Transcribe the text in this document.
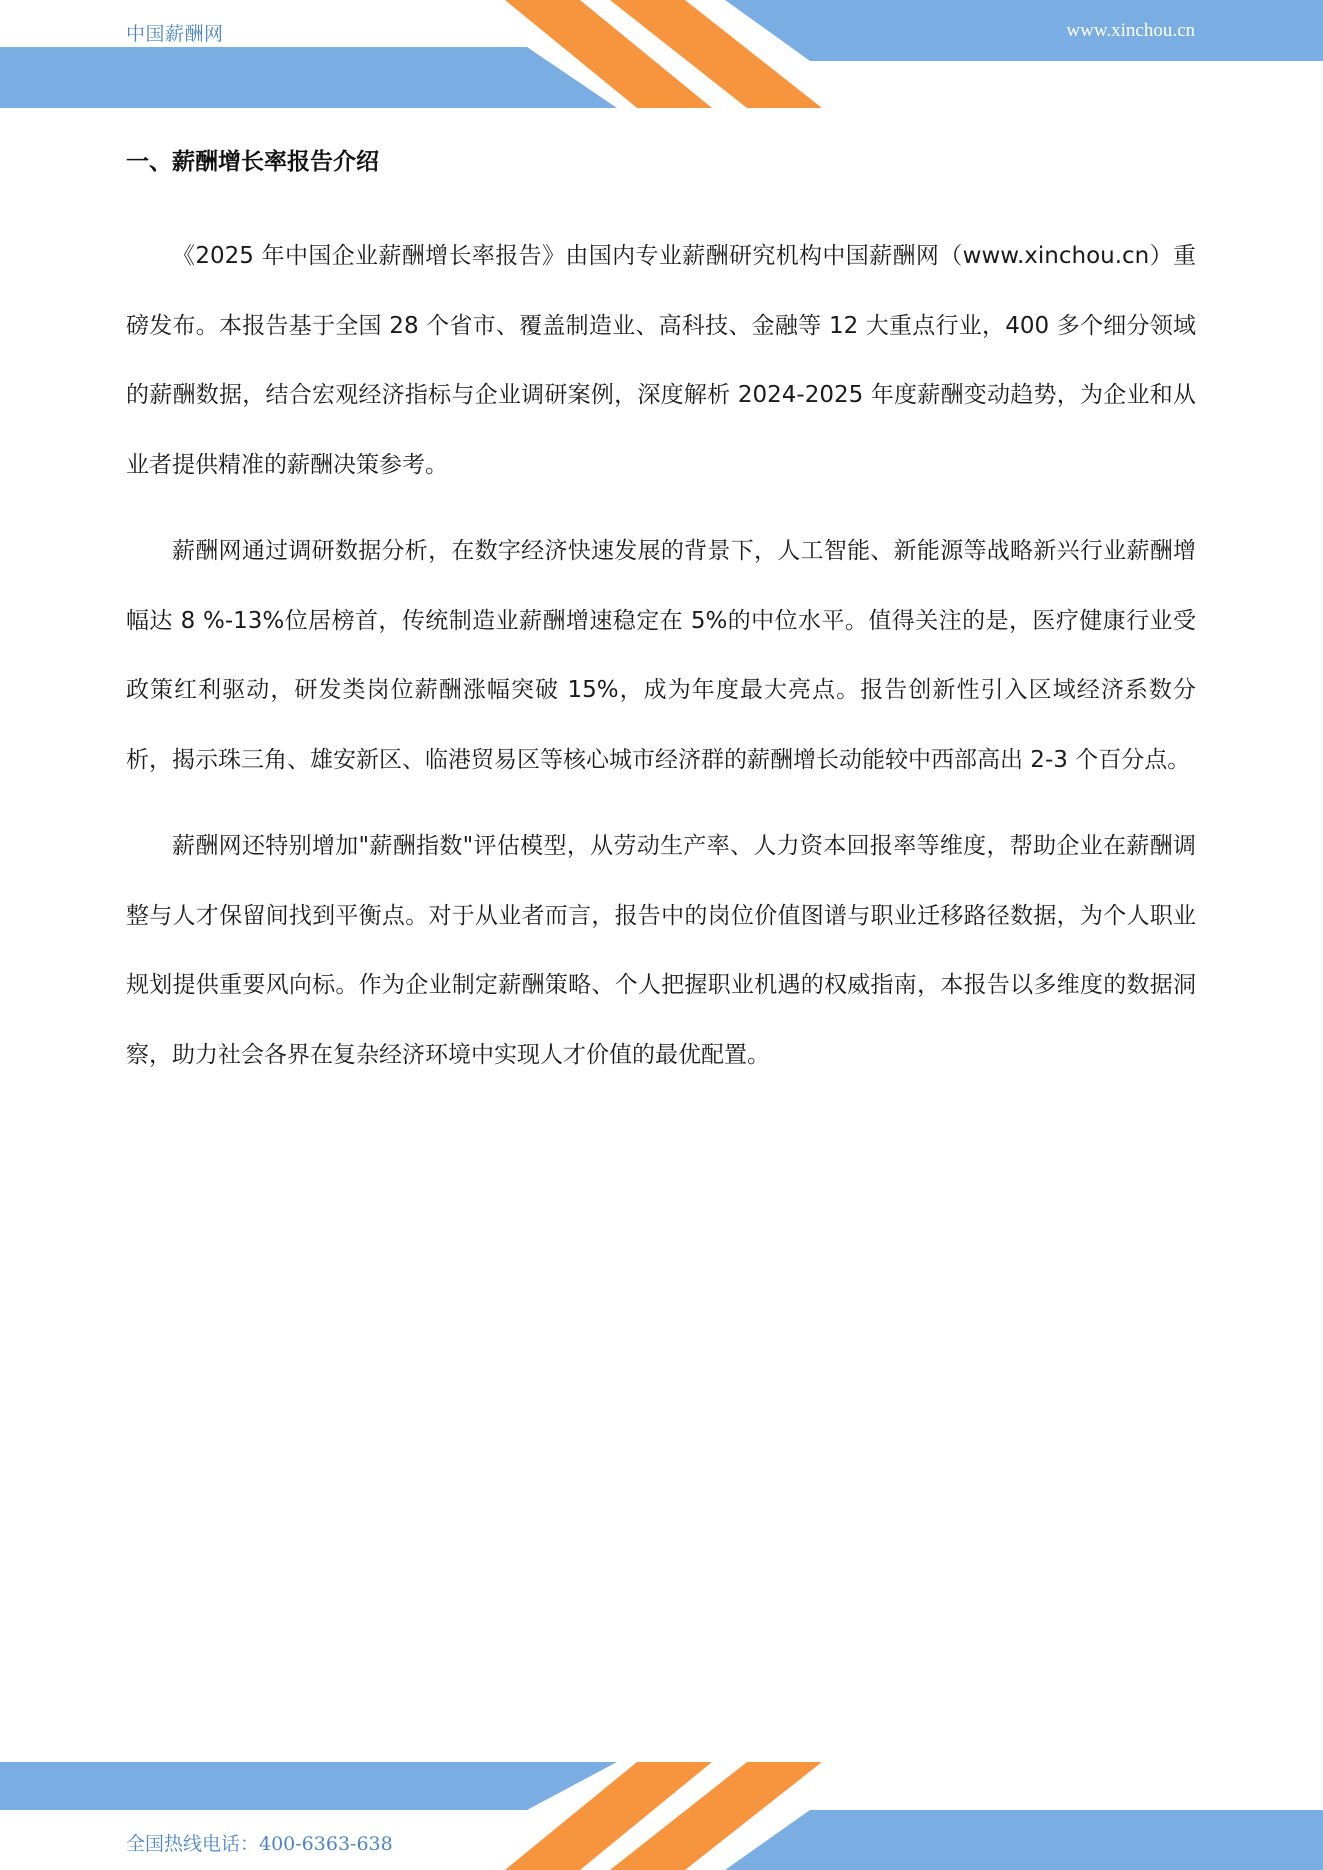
中国薪酬网	www.xinchou.cn
一、薪酬增长率报告介绍

《2025 年中国企业薪酬增长率报告》由国内专业薪酬研究机构中国薪酬网（www.xinchou.cn）重磅发布。本报告基于全国 28 个省市、覆盖制造业、高科技、金融等 12 大重点行业，400 多个细分领域的薪酬数据，结合宏观经济指标与企业调研案例，深度解析 2024-2025 年度薪酬变动趋势，为企业和从业者提供精准的薪酬决策参考。

薪酬网通过调研数据分析，在数字经济快速发展的背景下，人工智能、新能源等战略新兴行业薪酬增幅达 8 %-13%位居榜首，传统制造业薪酬增速稳定在 5%的中位水平。值得关注的是，医疗健康行业受政策红利驱动，研发类岗位薪酬涨幅突破 15%，成为年度最大亮点。报告创新性引入区域经济系数分析，揭示珠三角、雄安新区、临港贸易区等核心城市经济群的薪酬增长动能较中西部高出 2-3 个百分点。

薪酬网还特别增加"薪酬指数"评估模型，从劳动生产率、人力资本回报率等维度，帮助企业在薪酬调整与人才保留间找到平衡点。对于从业者而言，报告中的岗位价值图谱与职业迁移路径数据，为个人职业规划提供重要风向标。作为企业制定薪酬策略、个人把握职业机遇的权威指南，本报告以多维度的数据洞察，助力社会各界在复杂经济环境中实现人才价值的最优配置。

全国热线电话：400-6363-638
